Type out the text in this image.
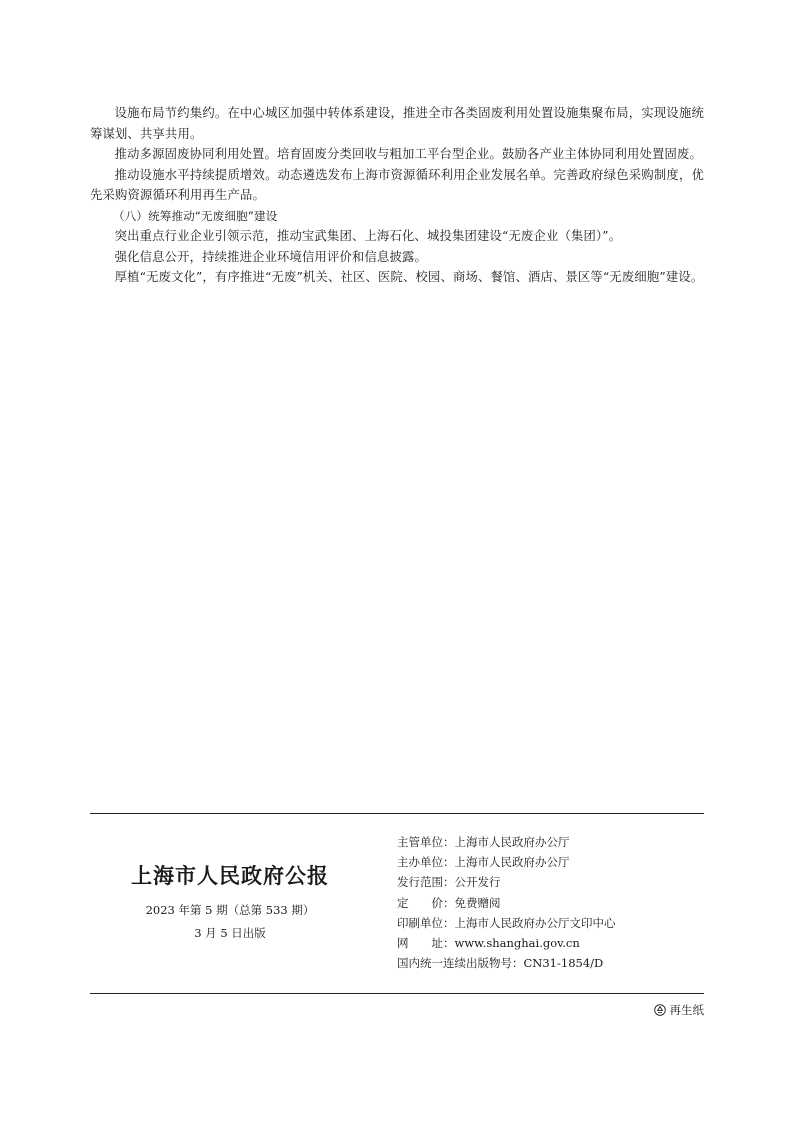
设施布局节约集约。在中心城区加强中转体系建设，推进全市各类固废利用处置设施集聚布局，实现设施统筹谋划、共享共用。

推动多源固废协同利用处置。培育固废分类回收与粗加工平台型企业。鼓励各产业主体协同利用处置固废。

推动设施水平持续提质增效。动态遴选发布上海市资源循环利用企业发展名单。完善政府绿色采购制度，优先采购资源循环利用再生产品。

（八）统筹推动“无废细胞”建设

突出重点行业企业引领示范，推动宝武集团、上海石化、城投集团建设“无废企业（集团）”。

强化信息公开，持续推进企业环境信用评价和信息披露。

厚植“无废文化”，有序推进“无废”机关、社区、医院、校园、商场、餐馆、酒店、景区等“无废细胞”建设。

上海市人民政府公报
2023 年第 5 期（总第 533 期）
3 月 5 日出版
主管单位：上海市人民政府办公厅
主办单位：上海市人民政府办公厅
发行范围：公开发行
定　　价：免费赠阅
印刷单位：上海市人民政府办公厅文印中心
网　　址：www.shanghai.gov.cn
国内统一连续出版物号：CN31-1854/D
再生纸
